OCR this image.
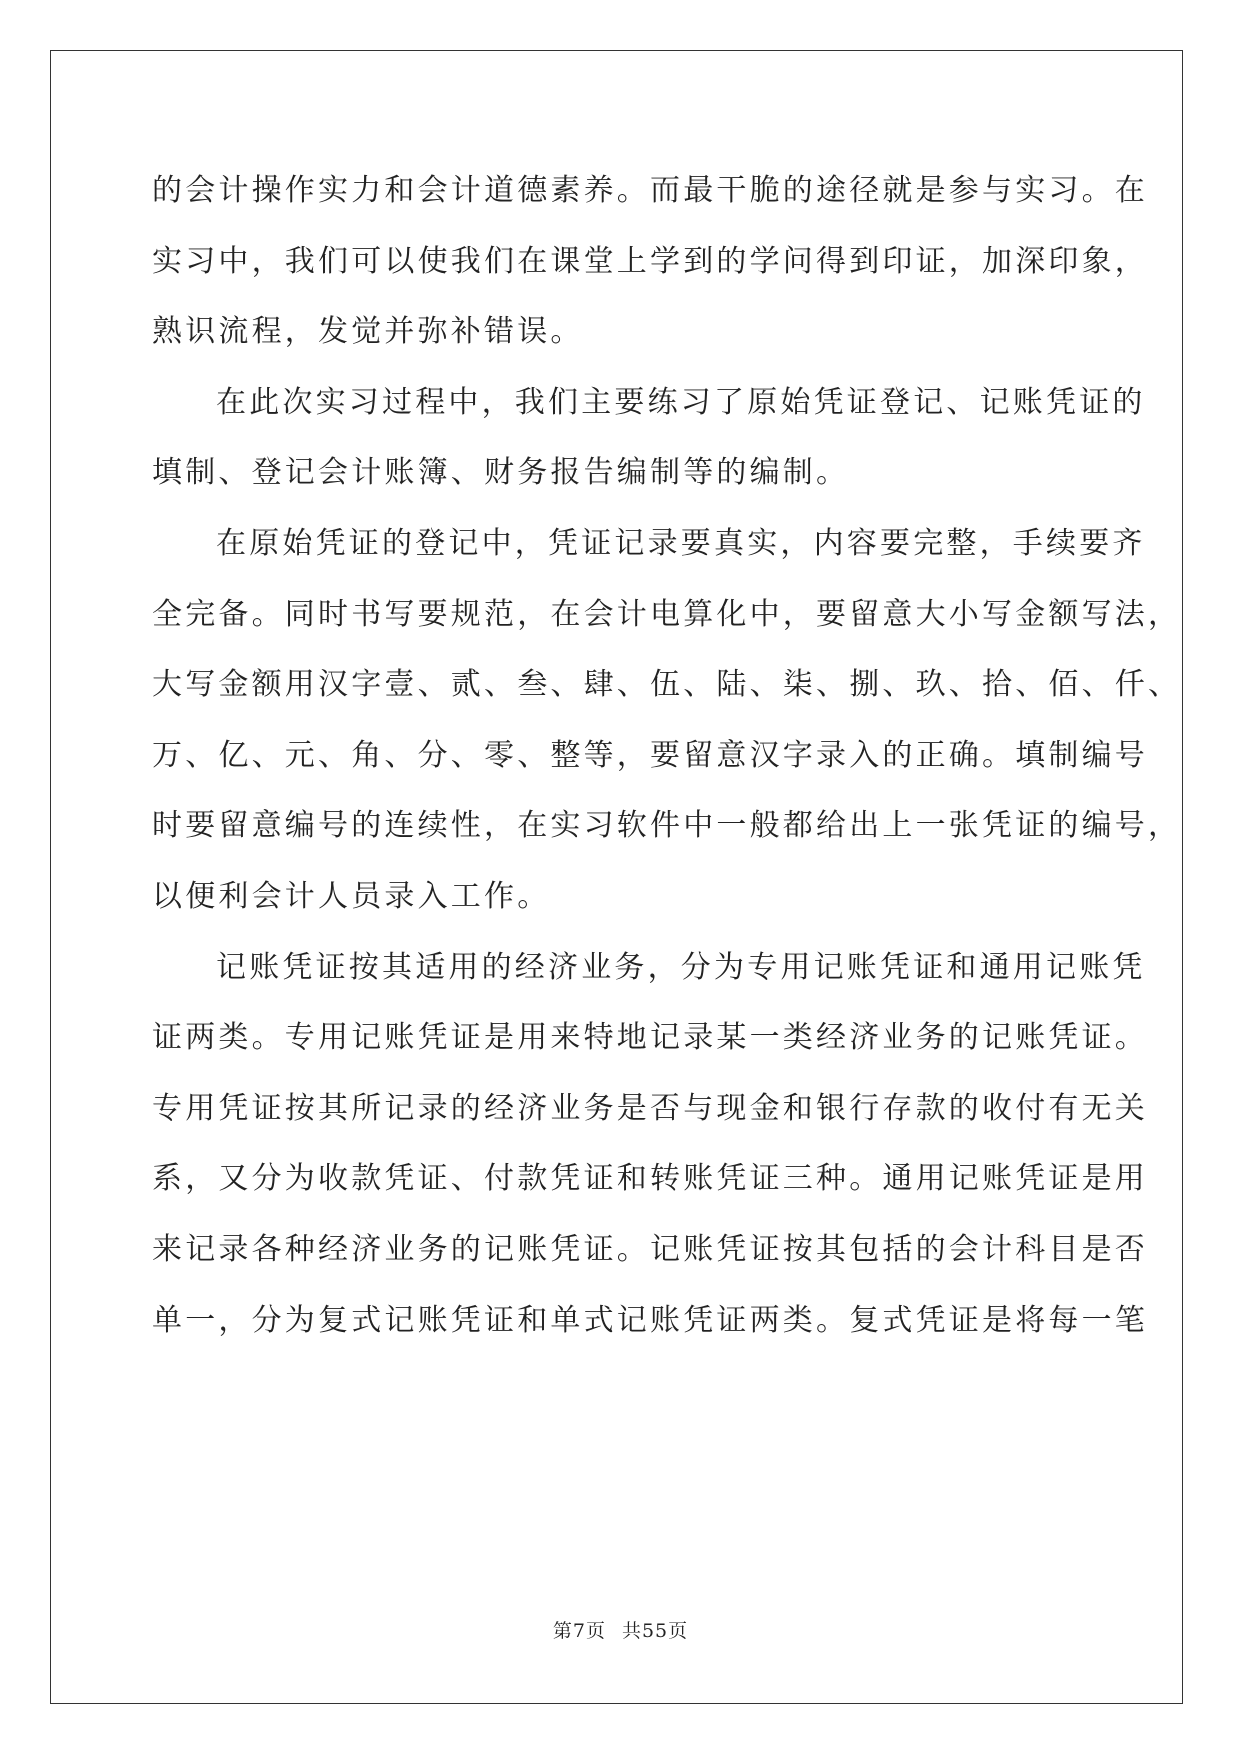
的会计操作实力和会计道德素养。而最干脆的途径就是参与实习。在
实习中，我们可以使我们在课堂上学到的学问得到印证，加深印象，
熟识流程，发觉并弥补错误。
在此次实习过程中，我们主要练习了原始凭证登记、记账凭证的
填制、登记会计账簿、财务报告编制等的编制。
在原始凭证的登记中，凭证记录要真实，内容要完整，手续要齐
全完备。同时书写要规范，在会计电算化中，要留意大小写金额写法，
大写金额用汉字壹、贰、叁、肆、伍、陆、柒、捌、玖、拾、佰、仟、
万、亿、元、角、分、零、整等，要留意汉字录入的正确。填制编号
时要留意编号的连续性，在实习软件中一般都给出上一张凭证的编号，
以便利会计人员录入工作。
记账凭证按其适用的经济业务，分为专用记账凭证和通用记账凭
证两类。专用记账凭证是用来特地记录某一类经济业务的记账凭证。
专用凭证按其所记录的经济业务是否与现金和银行存款的收付有无关
系，又分为收款凭证、付款凭证和转账凭证三种。通用记账凭证是用
来记录各种经济业务的记账凭证。记账凭证按其包括的会计科目是否
单一，分为复式记账凭证和单式记账凭证两类。复式凭证是将每一笔
第7页 共55页
